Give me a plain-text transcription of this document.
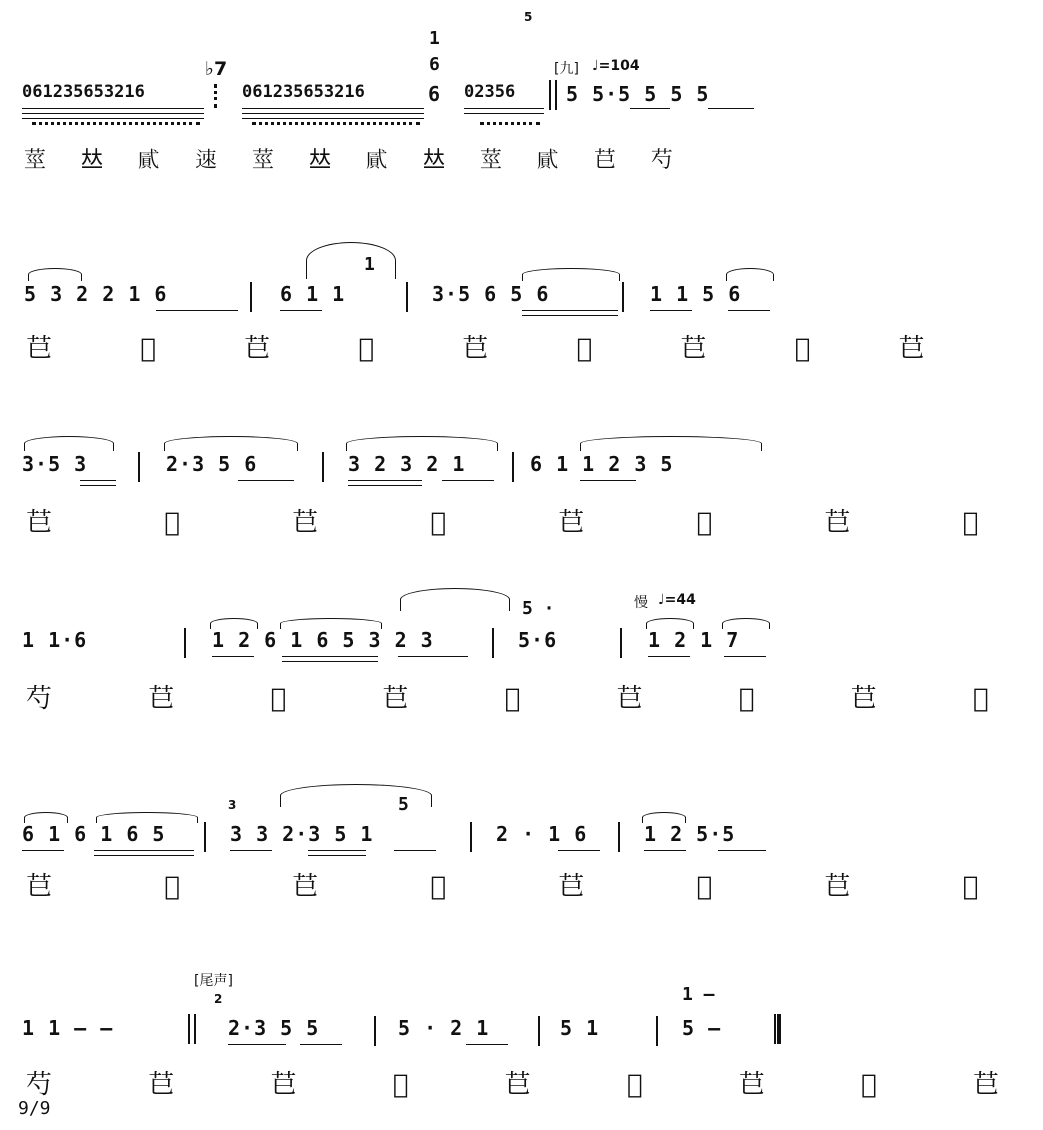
5
[九] ♩=104
♭7
1
6
061235653216	061235653216	6 02356	5 5·5 5 5 5
莖 𠀤 𢎐 𨒪 莖 𠀤 𢎐 𠀤 莖 𢎐 𦬊 芍
1
5 3 2 2 1 6	6 1 1	3·5 6 5 6	1 1 5 6
𦬊 𦫵 𦬊 𦭕 𦬊 𦭕 𦬊 𦭕 𦬊
3·5 3	2·3 5 6	3 2 3 2 1	6 1 1 2 3 5
𦬊 𦫵 𦬊 𦭕 𦬊 𦭕 𦬊 𦭕
慢 ♩=44
5 ·
1 1·6	1 2 6 1 6 5 3 2 3	5·6	1 2 1 7
芍 𦬊 𦭕 𦬊 𦭕 𦬊 𦭕 𦬊 𦭕
3	5
6 1 6 1 6 5	3 3 2·3 5 1	2 · 1 6	1 2 5·5
𦬊 𦫵 𦬊 𦭕 𦬊 𦭕 𦬊 𦭕
[尾声]
2	1 —
1 1 — —	2·3 5 5	5 · 2 1	5 1	5 —
芍 𦬊 𦬊 𦭕 𦬊 𦭕 𦬊 𦭕 𦬊
9/9
